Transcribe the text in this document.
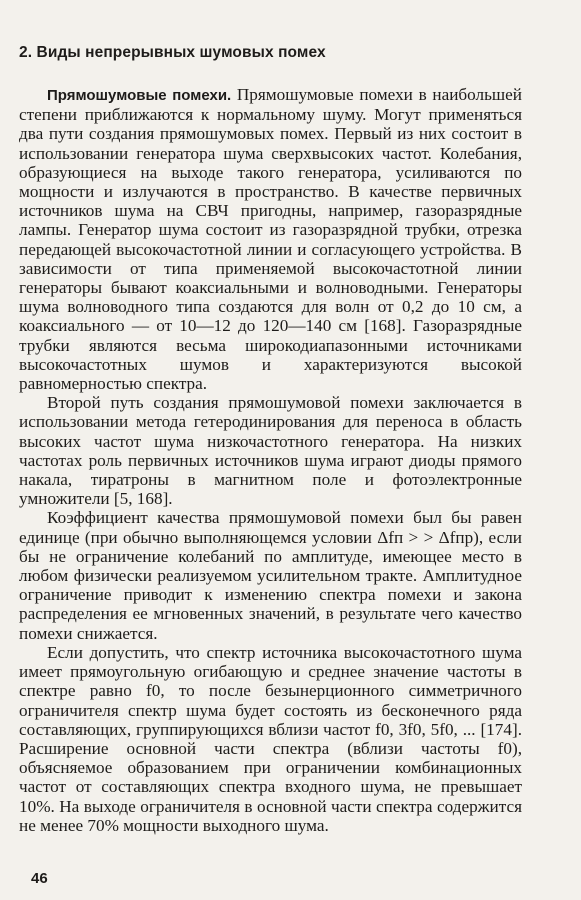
2. Виды непрерывных шумовых помех

Прямошумовые помехи. Прямошумовые помехи в наибольшей степени приближаются к нормальному шуму. Могут применяться два пути создания прямошумовых помех. Первый из них состоит в использовании генератора шума сверхвысоких частот. Колебания, образующиеся на выходе такого генератора, усиливаются по мощности и излучаются в пространство. В качестве первичных источников шума на СВЧ пригодны, например, газоразрядные лампы. Генератор шума состоит из газоразрядной трубки, отрезка передающей высокочастотной линии и согласующего устройства. В зависимости от типа применяемой высокочастотной линии генераторы бывают коаксиальными и волноводными. Генераторы шума волноводного типа создаются для волн от 0,2 до 10 см, а коаксиального — от 10—12 до 120—140 см [168]. Газоразрядные трубки являются весьма широкодиапазонными источниками высокочастотных шумов и характеризуются высокой равномерностью спектра.

Второй путь создания прямошумовой помехи заключается в использовании метода гетеродинирования для переноса в область высоких частот шума низкочастотного генератора. На низких частотах роль первичных источников шума играют диоды прямого накала, тиратроны в магнитном поле и фотоэлектронные умножители [5, 168].

Коэффициент качества прямошумовой помехи был бы равен единице (при обычно выполняющемся условии Δfп > > Δfпр), если бы не ограничение колебаний по амплитуде, имеющее место в любом физически реализуемом усилительном тракте. Амплитудное ограничение приводит к изменению спектра помехи и закона распределения ее мгновенных значений, в результате чего качество помехи снижается.

Если допустить, что спектр источника высокочастотного шума имеет прямоугольную огибающую и среднее значение частоты в спектре равно f0, то после безынерционного симметричного ограничителя спектр шума будет состоять из бесконечного ряда составляющих, группирующихся вблизи частот f0, 3f0, 5f0, ... [174]. Расширение основной части спектра (вблизи частоты f0), объясняемое образованием при ограничении комбинационных частот от составляющих спектра входного шума, не превышает 10%. На выходе ограничителя в основной части спектра содержится не менее 70% мощности выходного шума.

46
